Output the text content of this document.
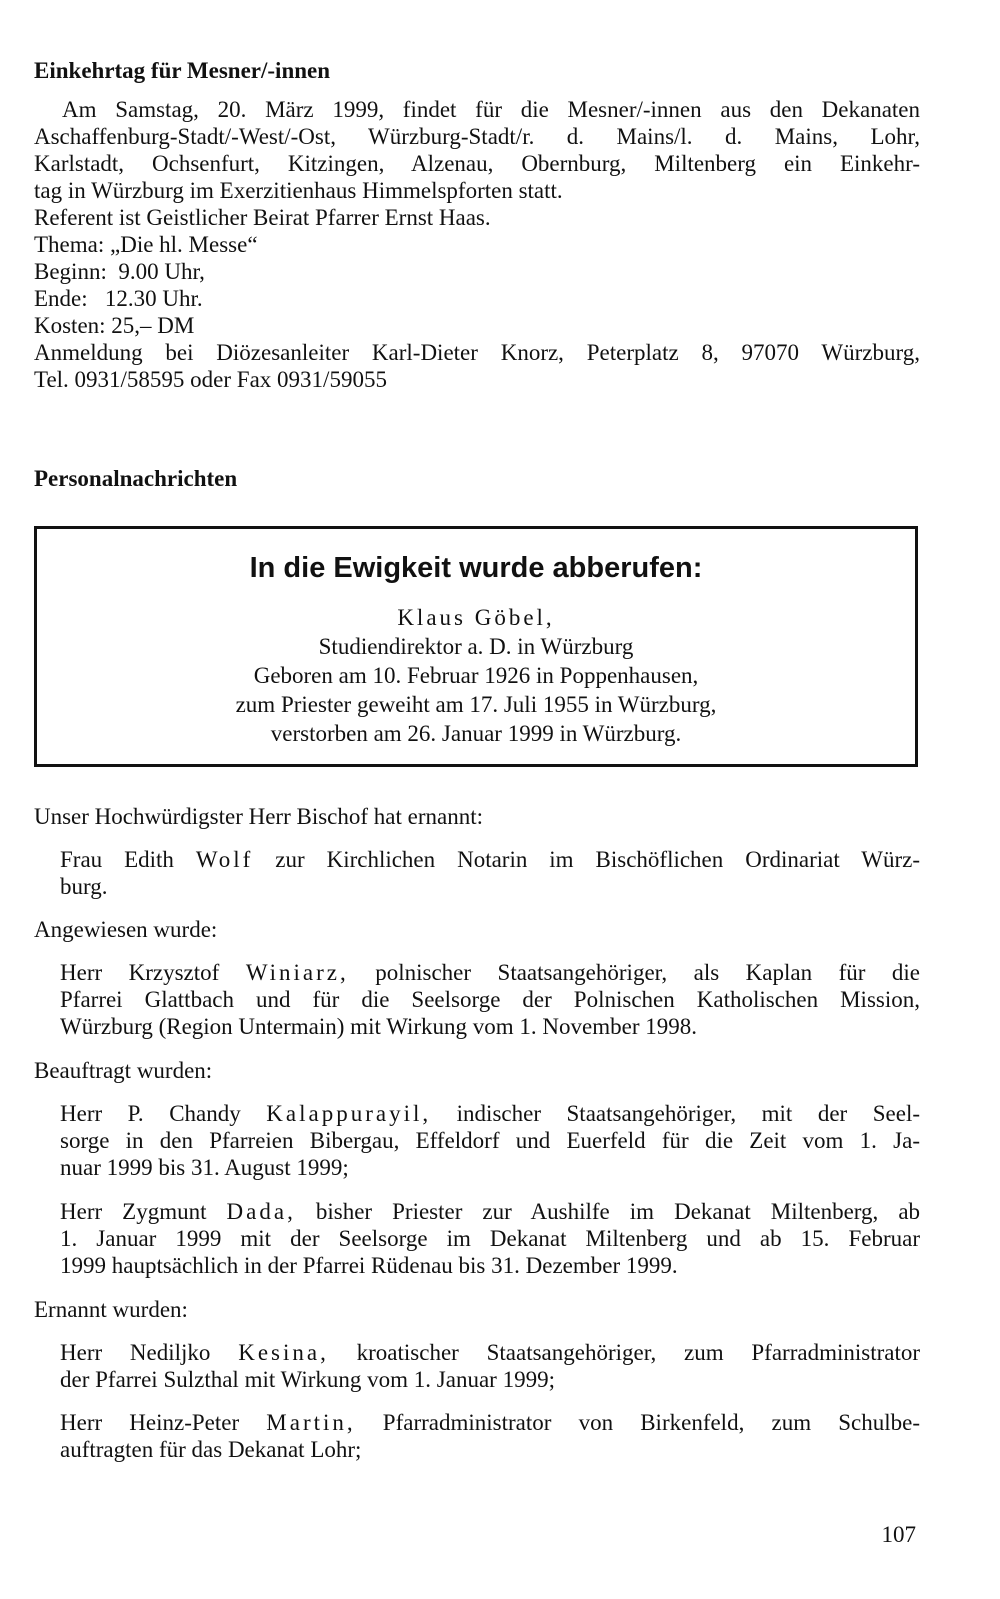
Einkehrtag für Mesner/-innen
Am Samstag, 20. März 1999, findet für die Mesner/-innen aus den Dekanaten
Aschaffenburg-Stadt/-West/-Ost, Würzburg-Stadt/r. d. Mains/l. d. Mains, Lohr,
Karlstadt, Ochsenfurt, Kitzingen, Alzenau, Obernburg, Miltenberg ein Einkehr-
tag in Würzburg im Exerzitienhaus Himmelspforten statt.
Referent ist Geistlicher Beirat Pfarrer Ernst Haas.
Thema: „Die hl. Messe“
Beginn:  9.00 Uhr,
Ende:   12.30 Uhr.
Kosten: 25,– DM
Anmeldung bei Diözesanleiter Karl-Dieter Knorz, Peterplatz 8, 97070 Würzburg,
Tel. 0931/58595 oder Fax 0931/59055
Personalnachrichten
In die Ewigkeit wurde abberufen:
Klaus Göbel,
Studiendirektor a. D. in Würzburg
Geboren am 10. Februar 1926 in Poppenhausen,
zum Priester geweiht am 17. Juli 1955 in Würzburg,
verstorben am 26. Januar 1999 in Würzburg.
Unser Hochwürdigster Herr Bischof hat ernannt:
Frau Edith Wolf zur Kirchlichen Notarin im Bischöflichen Ordinariat Würz-
burg.
Angewiesen wurde:
Herr Krzysztof Winiarz, polnischer Staatsangehöriger, als Kaplan für die
Pfarrei Glattbach und für die Seelsorge der Polnischen Katholischen Mission,
Würzburg (Region Untermain) mit Wirkung vom 1. November 1998.
Beauftragt wurden:
Herr P. Chandy Kalappurayil, indischer Staatsangehöriger, mit der Seel-
sorge in den Pfarreien Bibergau, Effeldorf und Euerfeld für die Zeit vom 1. Ja-
nuar 1999 bis 31. August 1999;
Herr Zygmunt Dada, bisher Priester zur Aushilfe im Dekanat Miltenberg, ab
1. Januar 1999 mit der Seelsorge im Dekanat Miltenberg und ab 15. Februar
1999 hauptsächlich in der Pfarrei Rüdenau bis 31. Dezember 1999.
Ernannt wurden:
Herr Nediljko Kesina, kroatischer Staatsangehöriger, zum Pfarradministrator
der Pfarrei Sulzthal mit Wirkung vom 1. Januar 1999;
Herr Heinz-Peter Martin, Pfarradministrator von Birkenfeld, zum Schulbe-
auftragten für das Dekanat Lohr;
107
